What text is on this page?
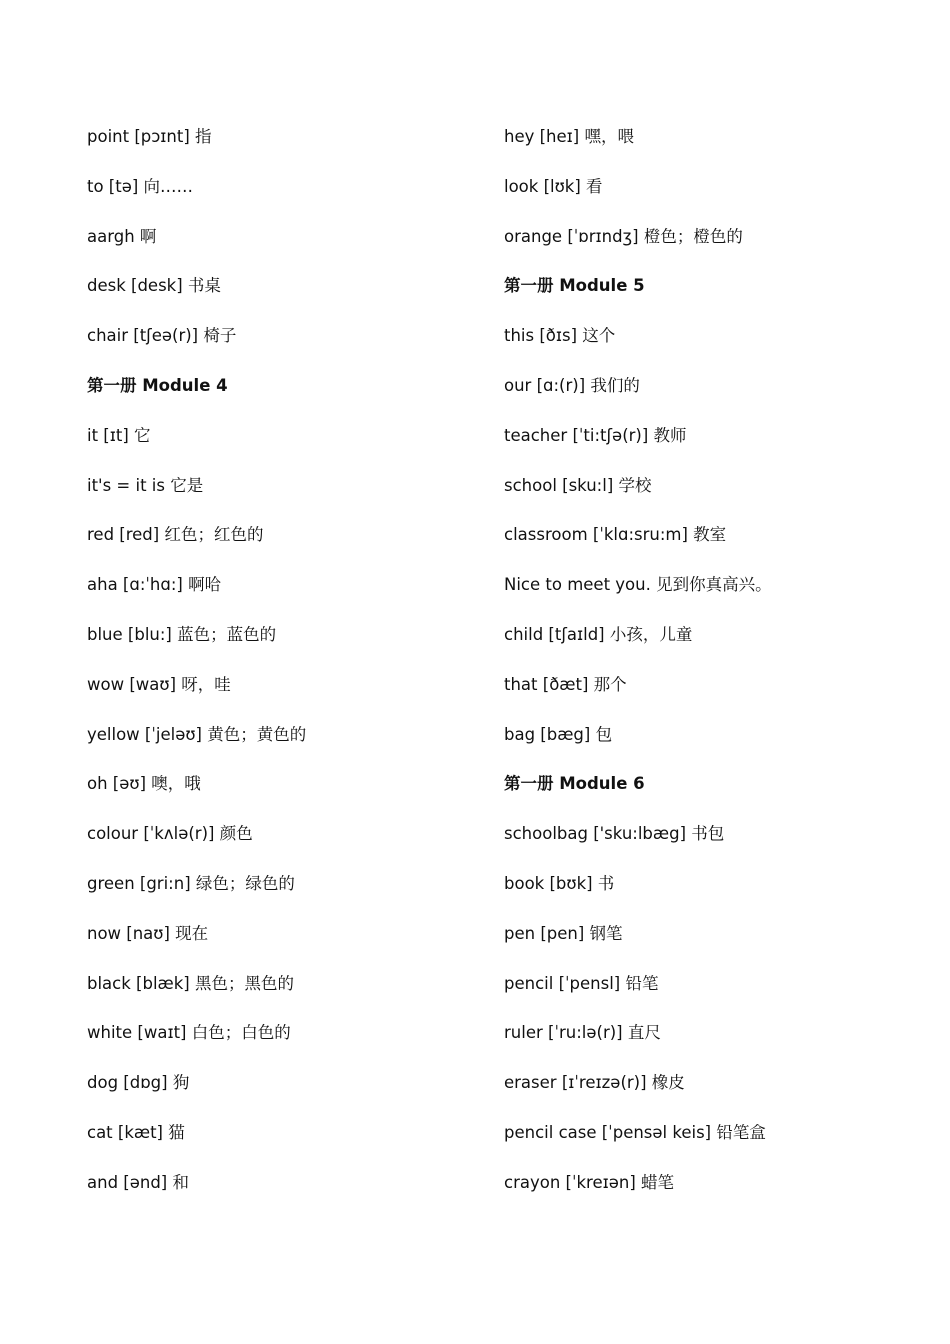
point [pɔɪnt] 指
to [tə] 向……
aargh 啊
desk [desk] 书桌
chair [tʃeə(r)] 椅子
第一册 Module 4
it [ɪt] 它
it's = it is 它是
red [red] 红色；红色的
aha [ɑ:ˈhɑ:] 啊哈
blue [blu:] 蓝色；蓝色的
wow [waʊ] 呀，哇
yellow [ˈjeləʊ] 黄色；黄色的
oh [əʊ] 噢，哦
colour [ˈkʌlə(r)] 颜色
green [gri:n] 绿色；绿色的
now [naʊ] 现在
black [blæk] 黑色；黑色的
white [waɪt] 白色；白色的
dog [dɒg] 狗
cat [kæt] 猫
and [ənd] 和
hey [heɪ] 嘿，喂
look [lʊk] 看
orange [ˈɒrɪndʒ] 橙色；橙色的
第一册 Module 5
this [ðɪs] 这个
our [ɑ:(r)] 我们的
teacher [ˈti:tʃə(r)] 教师
school [sku:l] 学校
classroom [ˈklɑ:sru:m] 教室
Nice to meet you. 见到你真高兴。
child [tʃaɪld] 小孩，儿童
that [ðæt] 那个
bag [bæg] 包
第一册 Module 6
schoolbag ['sku:lbæg] 书包
book [bʊk] 书
pen [pen] 钢笔
pencil [ˈpensl] 铅笔
ruler [ˈru:lə(r)] 直尺
eraser [ɪˈreɪzə(r)] 橡皮
pencil case [ˈpensəl keis] 铅笔盒
crayon [ˈkreɪən] 蜡笔
